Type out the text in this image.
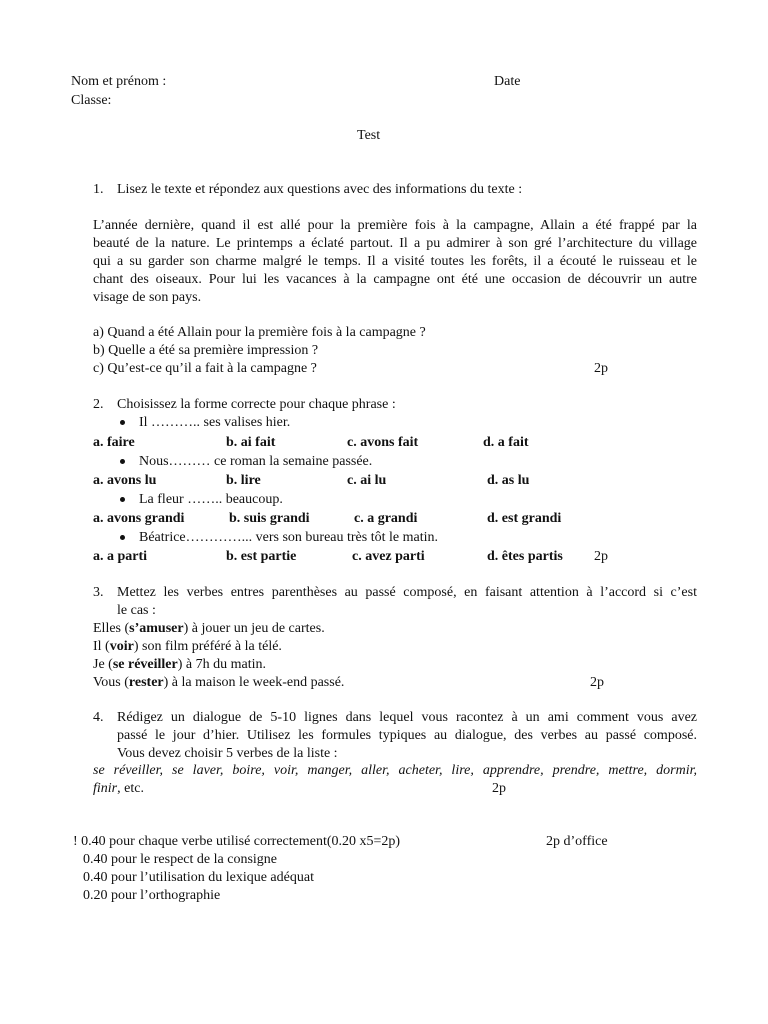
Nom et prénom :	Date
Classe:
Test
1. Lisez le texte et répondez aux questions avec des informations du texte :
L’année dernière, quand il est allé pour la première fois à la campagne, Allain a été frappé par la
beauté de la nature. Le printemps a éclaté partout. Il a pu admirer à son gré l’architecture du village
qui a su garder son charme malgré le temps. Il a visité toutes les forêts, il a écouté le ruisseau et le
chant des oiseaux. Pour lui les vacances à la campagne ont été une occasion de découvrir un autre
visage de son pays.
a) Quand a été Allain pour la première fois à la campagne ?
b) Quelle a été sa première impression ?
c) Qu’est-ce qu’il a fait à la campagne ?	2p
2. Choisissez la forme correcte pour chaque phrase :
Il ……….. ses valises hier.
a. faire	b. ai fait	c. avons fait	d. a fait
Nous……… ce roman la semaine passée.
a. avons lu	b. lire	c. ai lu	d. as lu
La fleur …….. beaucoup.
a. avons grandi	b. suis grandi	c. a grandi	d. est grandi
Béatrice…………... vers son bureau très tôt le matin.
a. a parti	b. est partie	c. avez parti	d. êtes partis 2p
3. Mettez les verbes entres parenthèses au passé composé, en faisant attention à l’accord si c’est
le cas :
Elles (s’amuser) à jouer un jeu de cartes.
Il (voir) son film préféré à la télé.
Je (se réveiller) à 7h du matin.
Vous (rester) à la maison le week-end passé.	2p
4. Rédigez un dialogue de 5-10 lignes dans lequel vous racontez à un ami comment vous avez
passé le jour d’hier. Utilisez les formules typiques au dialogue, des verbes au passé composé.
Vous devez choisir 5 verbes de la liste :
se réveiller, se laver, boire, voir, manger, aller, acheter, lire, apprendre, prendre, mettre, dormir,
finir, etc.	2p
! 0.40 pour chaque verbe utilisé correctement(0.20 x5=2p)	2p d’office
0.40 pour le respect de la consigne
0.40 pour l’utilisation du lexique adéquat
0.20 pour l’orthographie
